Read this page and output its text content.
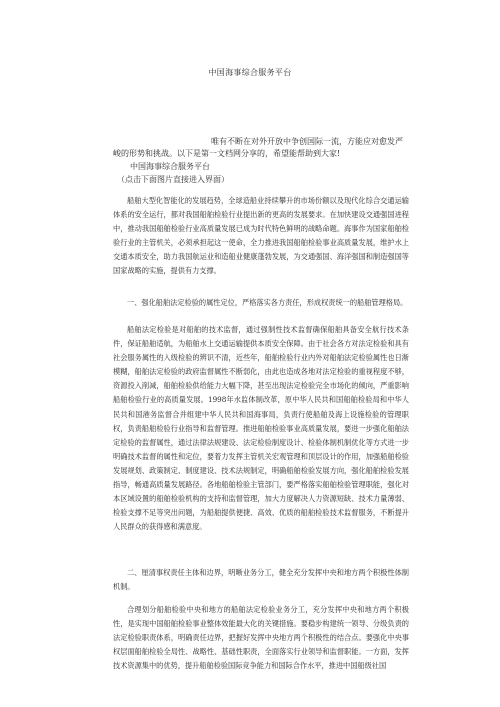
中国海事综合服务平台
唯有不断在对外开放中争创国际一流，方能应对愈发严
峻的形势和挑战。以下是第一文档网分享的，希望能帮助到大家!
中国海事综合服务平台
（点击下面图片直接进入界面）

船舶大型化智能化的发展趋势，全球造船业持续攀升的市场份额以及现代化综合交通运输体系的安全运行，都对我国船舶检验行业提出新的更高的发展要求。在加快建设交通强国进程中，推动我国船舶检验行业高质量发展已成为时代特色鲜明的战略命题。海事作为国家船舶检验行业的主管机关，必须承担起这一使命，全力推进我国船舶检验事业高质量发展，维护水上交通本质安全，助力我国航运业和造船业健康蓬勃发展，为交通强国、海洋强国和制造强国等国家战略的实施，提供有力支撑。

一、强化船舶法定检验的属性定位，严格落实各方责任，形成权责统一的船舶管理格局。

船舶法定检验是对船舶的技术监督，通过强制性技术监督确保船舶具备安全航行技术条件，保证船舶适航，为船舶水上交通运输提供本质安全保障。由于社会各方对法定检验和具有社会服务属性的入级检验的辨识不清，近些年，船舶检验行业内外对船舶法定检验属性也日渐模糊，船舶法定检验的政府监督属性不断弱化，由此也造成各地对法定检验的重视程度不够，资源投入削减，船舶检验供给能力大幅下降，甚至出现法定检验完全市场化的倾向，严重影响船舶检验行业的高质量发展。1998年水监体制改革，原中华人民共和国船舶检验局和中华人民共和国港务监督合并组建中华人民共和国海事局，负责行使船舶及海上设施检验的管理职权，负责船舶检验行业指导和监督管理。推进船舶检验事业高质量发展，要进一步强化船舶法定检验的监督属性，通过法律法规建设、法定检验制度设计、检验体制机制优化等方式进一步明确技术监督的属性和定位，要着力发挥主管机关宏观管理和顶层设计的作用，加强船舶检验发展规划、政策制定、制度建设、技术法规制定，明确船舶检验发展方向，强化船舶检验发展指导，畅通高质量发展路径。各地船舶检验主管部门，要严格落实船舶检验管理职能，强化对本区域设置的船舶检验机构的支持和监督管理，加大力度解决人力资源短缺、技术力量薄弱、检验支撑不足等突出问题，为船舶提供便捷、高效、优质的船舶检验技术监督服务，不断提升人民群众的获得感和满意度。

二、厘清事权责任主体和边界，明晰业务分工，健全充分发挥中央和地方两个积极性体制机制。

合理划分船舶检验中央和地方的船舶法定检验业务分工，充分发挥中央和地方两个积极性，是实现中国船舶检验事业整体效能最大化的关键措施。要稳步构建统一领导、分级负责的法定检验职责体系，明确责任边界，把握好发挥中央地方两个积极性的结合点。要强化中央事权层面船舶检验全局性、战略性、基础性职责，全面落实行业领导和监督职能。一方面，发挥技术资源集中的优势，提升船舶检验国际竞争能力和国际合作水平，推进中国船级社国
